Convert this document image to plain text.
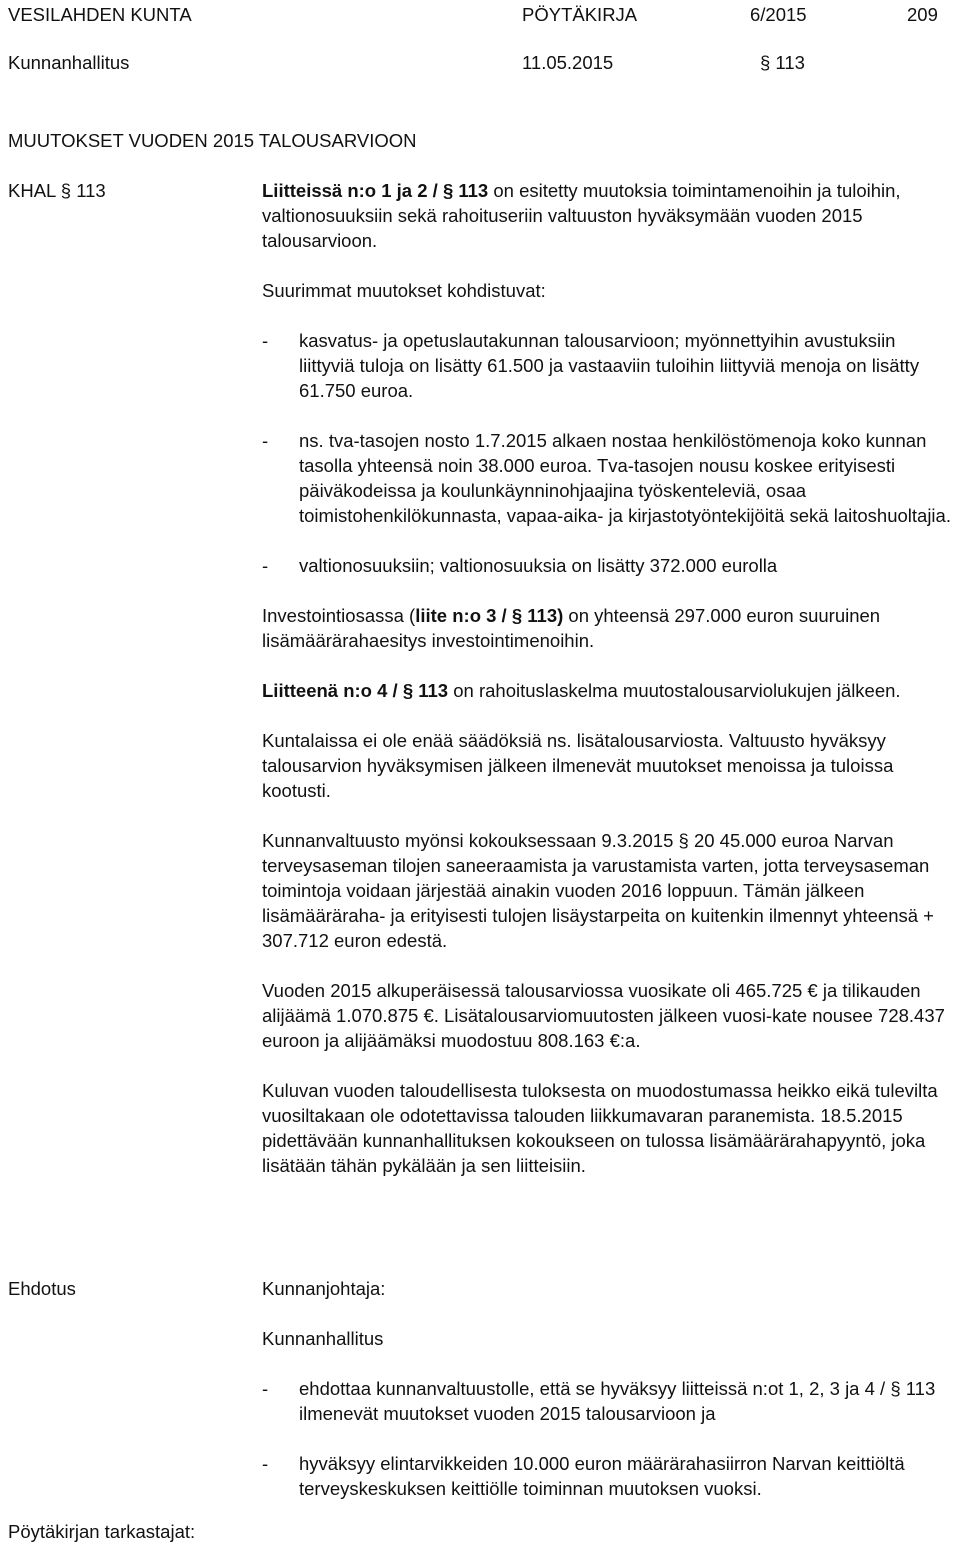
VESILAHDEN KUNTA	PÖYTÄKIRJA	6/2015	209
Kunnanhallitus	11.05.2015	§ 113
MUUTOKSET VUODEN 2015 TALOUSARVIOON
KHAL § 113	Liitteissä n:o 1 ja 2 / § 113 on esitetty muutoksia toimintamenoihin ja tuloihin, valtionosuuksiin sekä rahoituseriin valtuuston hyväksymään vuoden 2015 talousarvioon.

Suurimmat muutokset kohdistuvat:

- kasvatus- ja opetuslautakunnan talousarvioon; myönnettyihin avustuksiin liittyviä tuloja on lisätty 61.500 ja vastaaviin tuloihin liittyviä menoja on lisätty 61.750 euroa.

- ns. tva-tasojen nosto 1.7.2015 alkaen nostaa henkilöstömenoja koko kunnan tasolla yhteensä noin 38.000 euroa. Tva-tasojen nousu koskee erityisesti päiväkodeissa ja koulunkäynninohjaajina työskenteleviä, osaa toimistohenkilökunnasta, vapaa-aika- ja kirjastotyöntekijöitä sekä laitoshuoltajia.

- valtionosuuksiin; valtionosuuksia on lisätty 372.000 eurolla

Investointiosassa (liite n:o 3 / § 113) on yhteensä 297.000 euron suuruinen lisämäärärahaesitys investointimenoihin.

Liitteenä n:o 4 / § 113 on rahoituslaskelma muutostalousarviolukujen jälkeen.

Kuntalaissa ei ole enää säädöksiä ns. lisätalousarviosta. Valtuusto hyväksyy talousarvion hyväksymisen jälkeen ilmenevät muutokset menoissa ja tuloissa kootusti.

Kunnanvaltuusto myönsi kokouksessaan 9.3.2015 § 20 45.000 euroa Narvan terveysaseman tilojen saneeraamista ja varustamista varten, jotta terveysaseman toimintoja voidaan järjestää ainakin vuoden 2016 loppuun. Tämän jälkeen lisämääräraha- ja erityisesti tulojen lisäystarpeita on kuitenkin ilmennyt yhteensä + 307.712 euron edestä.

Vuoden 2015 alkuperäisessä talousarviossa vuosikate oli 465.725 € ja tilikauden alijäämä 1.070.875 €. Lisätalousarviomuutosten jälkeen vuosi-kate nousee 728.437 euroon ja alijäämäksi muodostuu 808.163 €:a.

Kuluvan vuoden taloudellisesta tuloksesta on muodostumassa heikko eikä tulevilta vuosiltakaan ole odotettavissa talouden liikkumavaran paranemista. 18.5.2015 pidettävään kunnanhallituksen kokoukseen on tulossa lisämäärärahapyyntö, joka lisätään tähän pykälään ja sen liitteisiin.

Ehdotus	Kunnanjohtaja:

Kunnanhallitus

- ehdottaa kunnanvaltuustolle, että se hyväksyy liitteissä n:ot 1, 2, 3 ja 4 / § 113 ilmenevät muutokset vuoden 2015 talousarvioon ja

- hyväksyy elintarvikkeiden 10.000 euron määrärahasiirron Narvan keittiöltä terveyskeskuksen keittiölle toiminnan muutoksen vuoksi.

Pöytäkirjan tarkastajat:
